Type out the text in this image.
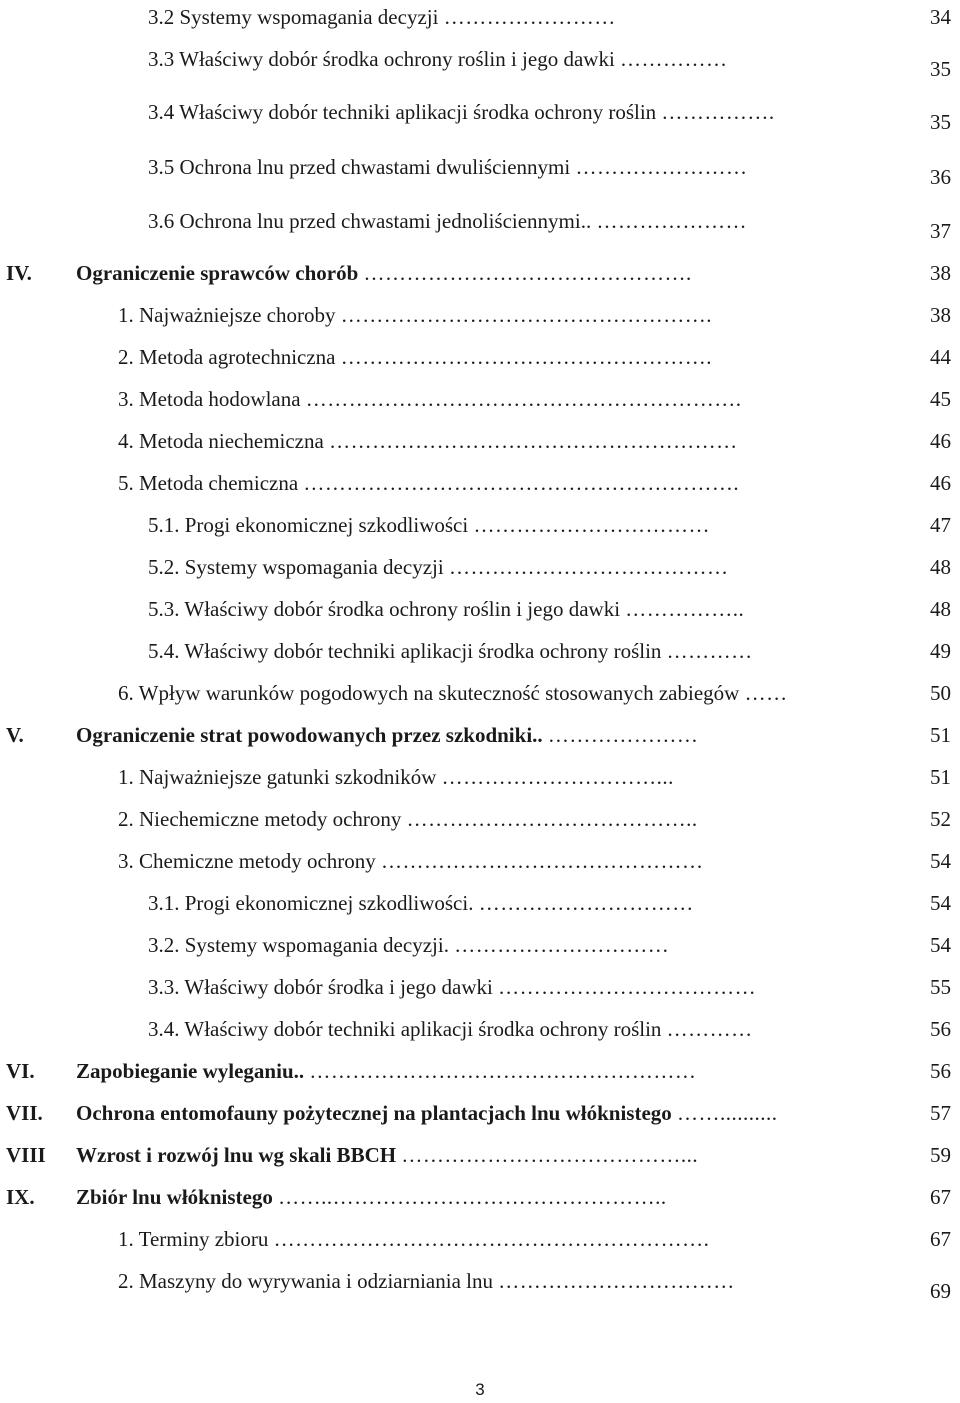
3.2 Systemy wspomagania decyzji ……………………	34
3.3 Właściwy dobór środka ochrony roślin i jego dawki ……………	35
3.4 Właściwy dobór techniki aplikacji środka ochrony roślin …………….	35
3.5 Ochrona lnu przed chwastami dwuliściennymi ……………………	36
3.6 Ochrona lnu przed chwastami jednoliściennymi.. …………………	37
IV. Ograniczenie sprawców chorób ……………………………………….	38
1. Najważniejsze choroby …………………………………………….	38
2. Metoda agrotechniczna …………………………………………….	44
3. Metoda hodowlana …………………………………………………….	45
4. Metoda niechemiczna …………………………………………………	46
5. Metoda chemiczna …………………………………………………….	46
5.1. Progi ekonomicznej szkodliwości ……………………………	47
5.2. Systemy wspomagania decyzji …………………………………	48
5.3. Właściwy dobór środka ochrony roślin i jego dawki ……………..	48
5.4. Właściwy dobór techniki aplikacji środka ochrony roślin …………	49
6. Wpływ warunków pogodowych na skuteczność stosowanych zabiegów ……	50
V. Ograniczenie strat powodowanych przez szkodniki.. …………………	51
1. Najważniejsze gatunki szkodników …………………………...	51
2. Niechemiczne metody ochrony …………………………………..	52
3. Chemiczne metody ochrony ………………………………………	54
3.1. Progi ekonomicznej szkodliwości. …………………………	54
3.2. Systemy wspomagania decyzji. …………………………	54
3.3. Właściwy dobór środka i jego dawki ………………………………	55
3.4. Właściwy dobór techniki aplikacji środka ochrony roślin …………	56
VI. Zapobieganie wyleganiu.. ………………………………………………	56
VII. Ochrona entomofauny pożytecznej na plantacjach lnu włóknistego ……..........	57
VIII Wzrost i rozwój lnu wg skali BBCH …………………………………...	59
IX. Zbiór lnu włóknistego ……..………………………………………..	67
1. Terminy zbioru …………………………………………………….	67
2. Maszyny do wyrywania i odziarniania lnu ……………………………	69
3
